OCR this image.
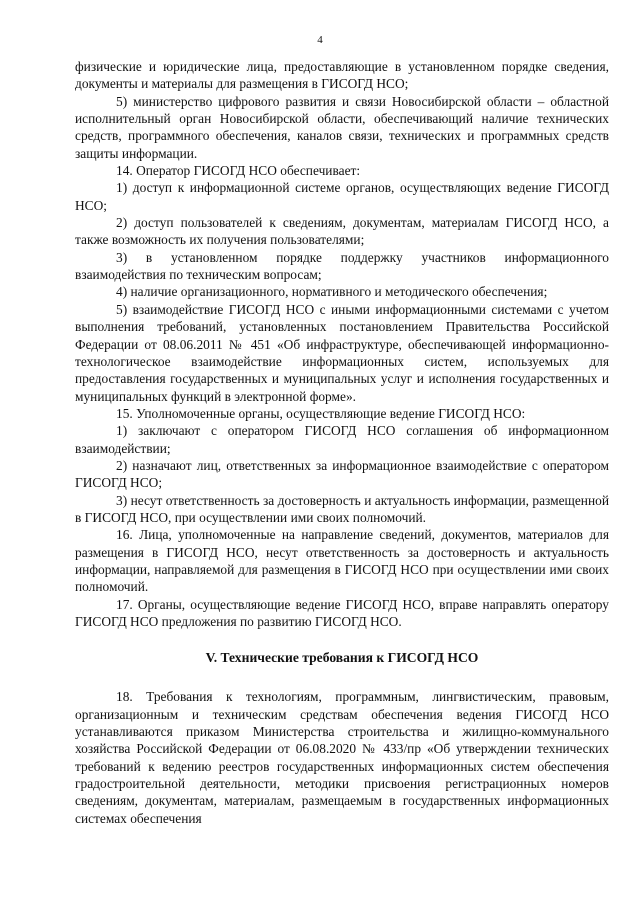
4

физические и юридические лица, предоставляющие в установленном порядке сведения, документы и материалы для размещения в ГИСОГД НСО;

5) министерство цифрового развития и связи Новосибирской области – областной исполнительный орган Новосибирской области, обеспечивающий наличие технических средств, программного обеспечения, каналов связи, технических и программных средств защиты информации.

14. Оператор ГИСОГД НСО обеспечивает:

1) доступ к информационной системе органов, осуществляющих ведение ГИСОГД НСО;

2) доступ пользователей к сведениям, документам, материалам ГИСОГД НСО, а также возможность их получения пользователями;

3) в установленном порядке поддержку участников информационного взаимодействия по техническим вопросам;

4) наличие организационного, нормативного и методического обеспечения;

5) взаимодействие ГИСОГД НСО с иными информационными системами с учетом выполнения требований, установленных постановлением Правительства Российской Федерации от 08.06.2011 № 451 «Об инфраструктуре, обеспечивающей информационно-технологическое взаимодействие информационных систем, используемых для предоставления государственных и муниципальных услуг и исполнения государственных и муниципальных функций в электронной форме».

15. Уполномоченные органы, осуществляющие ведение ГИСОГД НСО:

1) заключают с оператором ГИСОГД НСО соглашения об информационном взаимодействии;

2) назначают лиц, ответственных за информационное взаимодействие с оператором ГИСОГД НСО;

3) несут ответственность за достоверность и актуальность информации, размещенной в ГИСОГД НСО, при осуществлении ими своих полномочий.

16. Лица, уполномоченные на направление сведений, документов, материалов для размещения в ГИСОГД НСО, несут ответственность за достоверность и актуальность информации, направляемой для размещения в ГИСОГД НСО при осуществлении ими своих полномочий.

17. Органы, осуществляющие ведение ГИСОГД НСО, вправе направлять оператору ГИСОГД НСО предложения по развитию ГИСОГД НСО.

V. Технические требования к ГИСОГД НСО

18. Требования к технологиям, программным, лингвистическим, правовым, организационным и техническим средствам обеспечения ведения ГИСОГД НСО устанавливаются приказом Министерства строительства и жилищно-коммунального хозяйства Российской Федерации от 06.08.2020 № 433/пр «Об утверждении технических требований к ведению реестров государственных информационных систем обеспечения градостроительной деятельности, методики присвоения регистрационных номеров сведениям, документам, материалам, размещаемым в государственных информационных системах обеспечения
